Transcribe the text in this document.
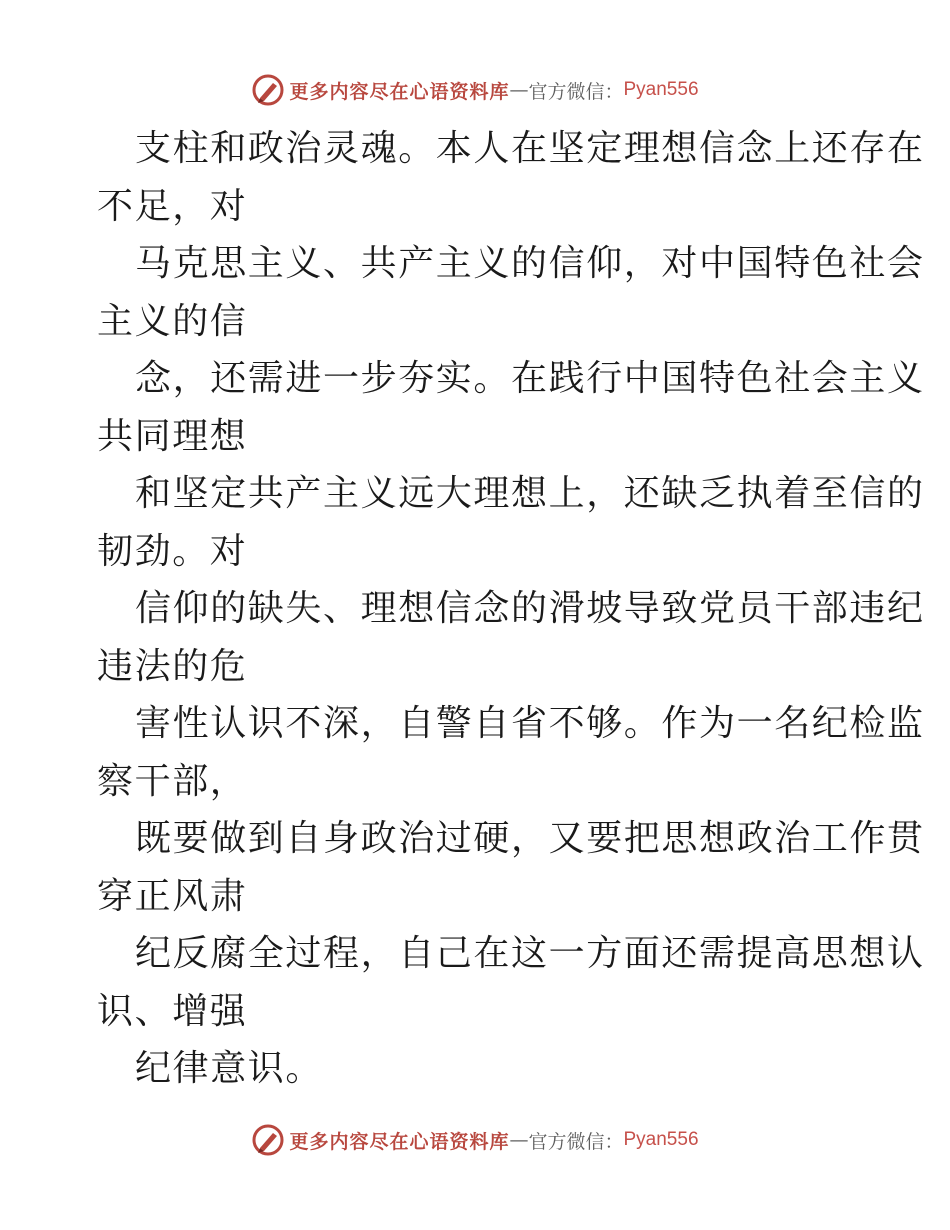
更多内容尽在心语资料库 — 官方微信： Pyan556
支柱和政治灵魂。本人在坚定理想信念上还存在
不足，对
马克思主义、共产主义的信仰，对中国特色社会
主义的信
念，还需进一步夯实。在践行中国特色社会主义
共同理想
和坚定共产主义远大理想上，还缺乏执着至信的
韧劲。对
信仰的缺失、理想信念的滑坡导致党员干部违纪
违法的危
害性认识不深，自警自省不够。作为一名纪检监
察干部，
既要做到自身政治过硬，又要把思想政治工作贯
穿正风肃
纪反腐全过程，自己在这一方面还需提高思想认
识、增强
纪律意识。
更多内容尽在心语资料库 — 官方微信： Pyan556
